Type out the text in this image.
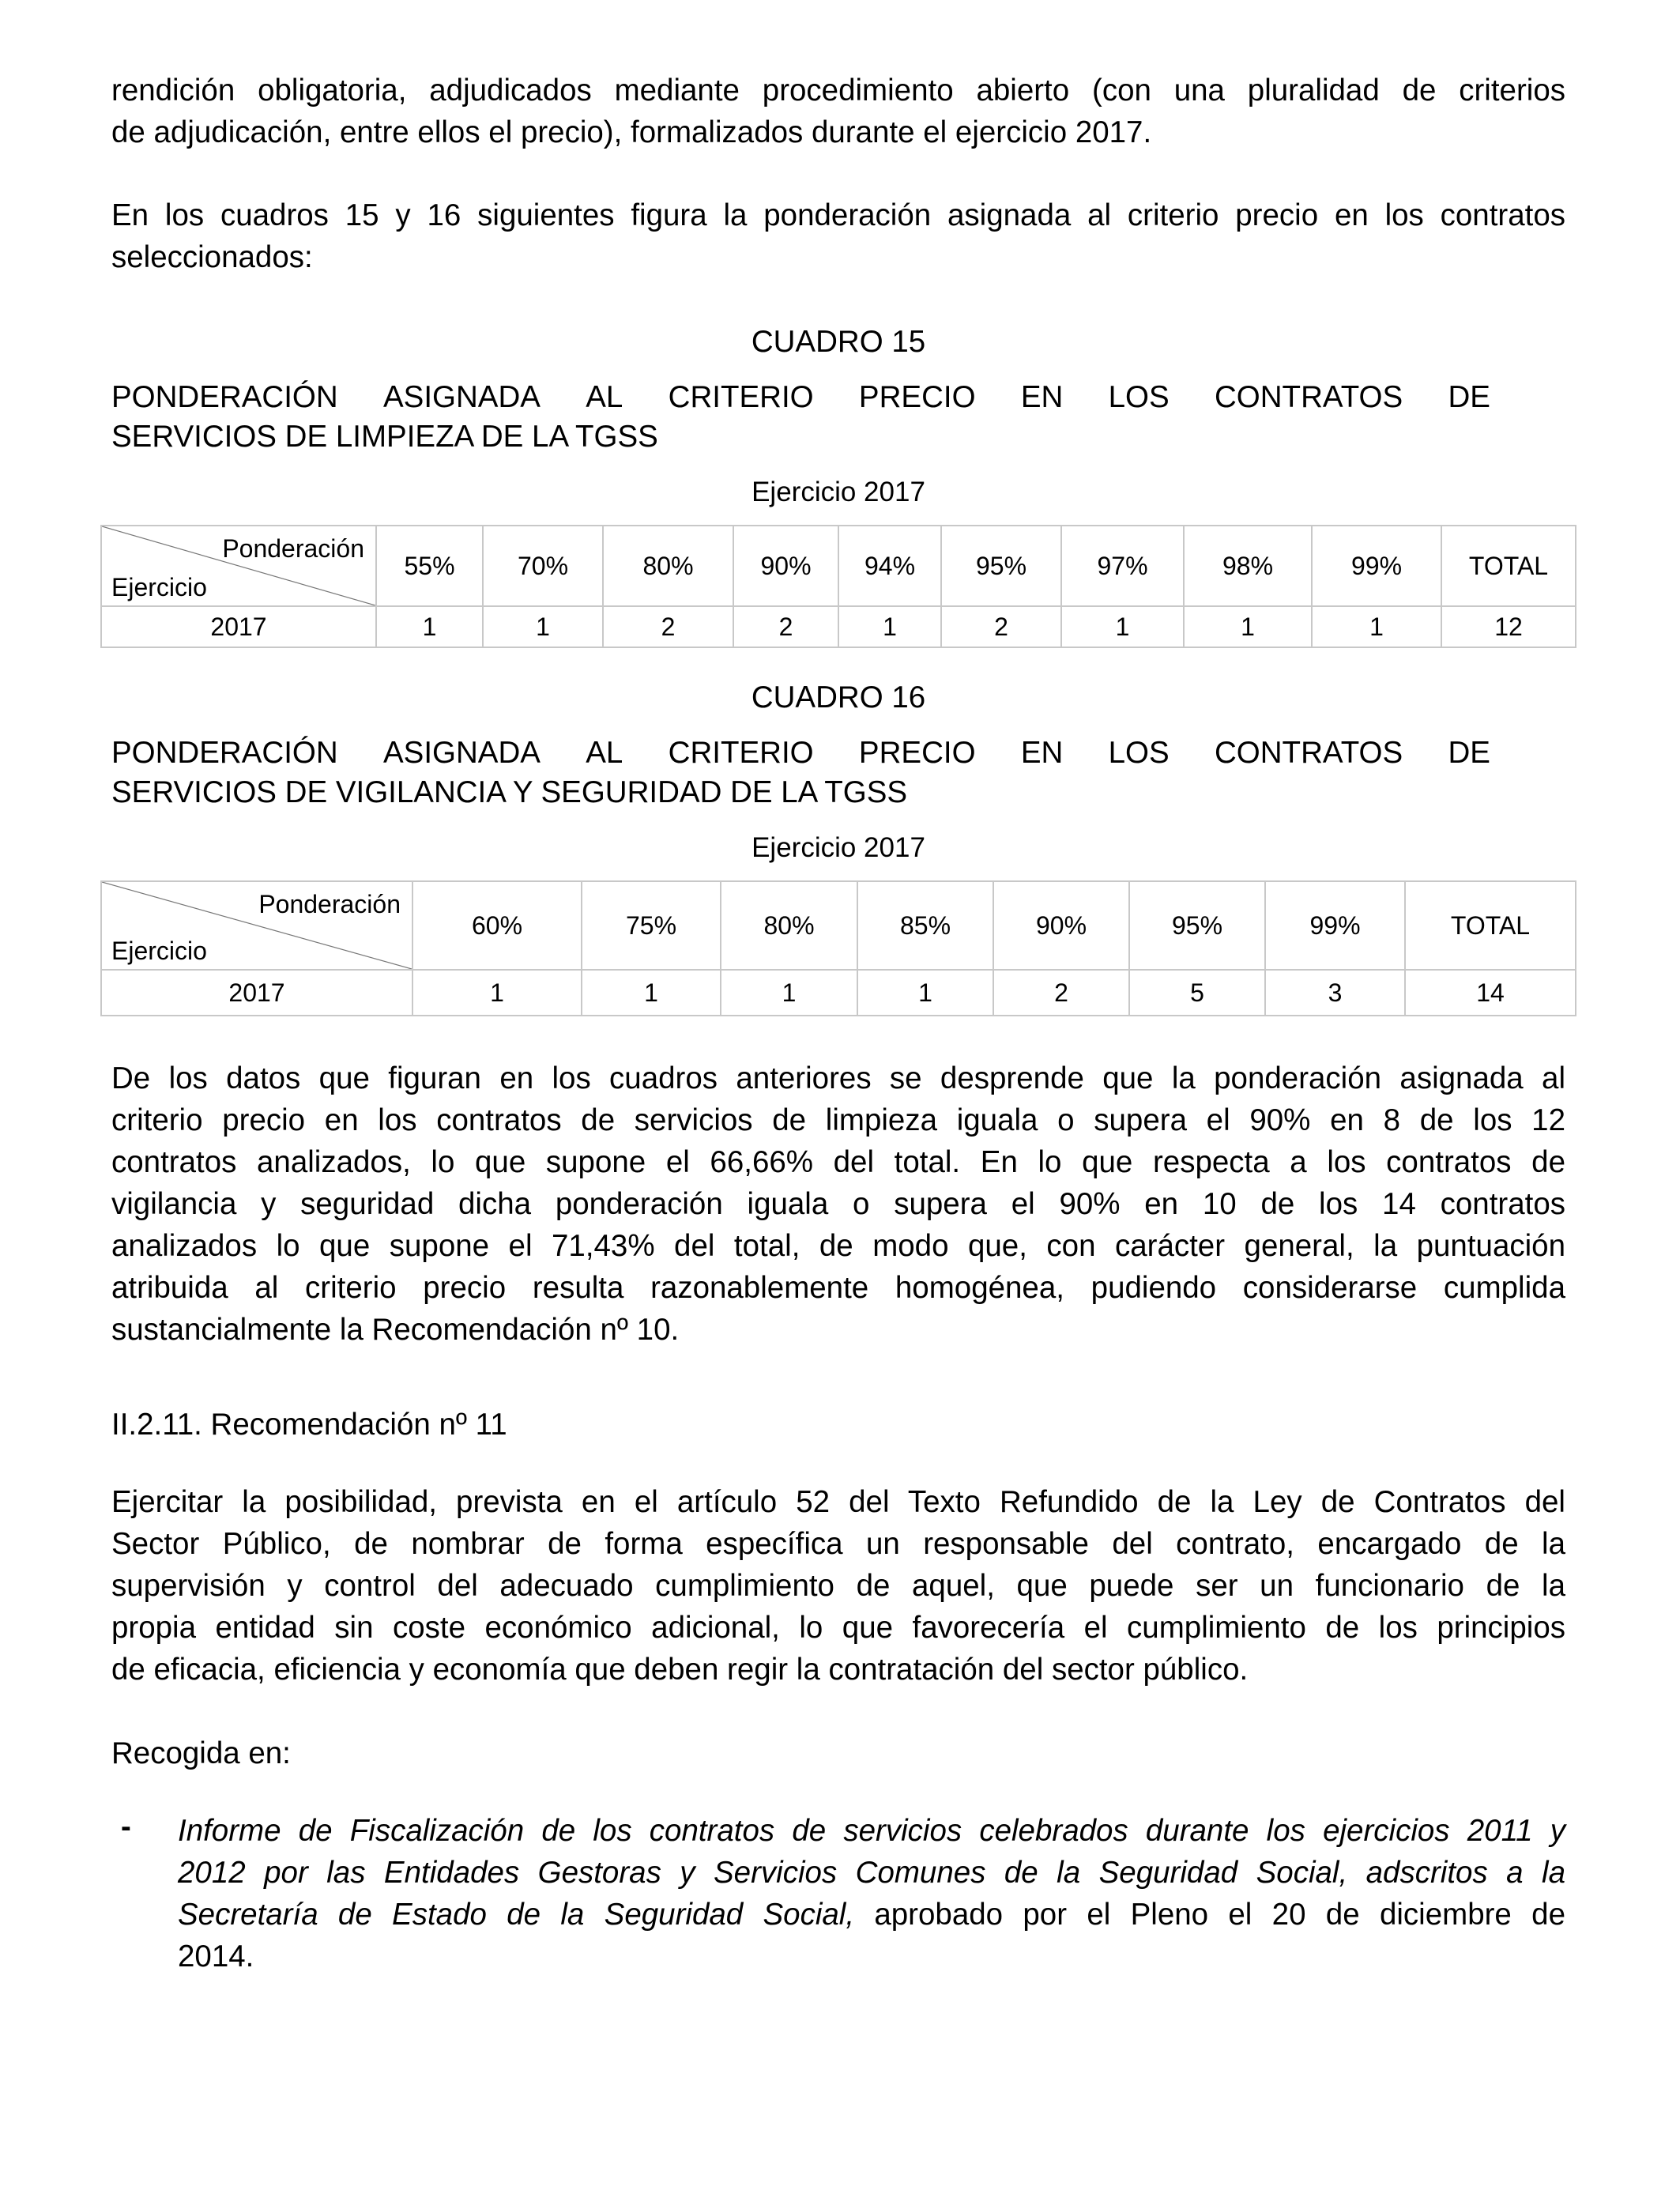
rendición obligatoria, adjudicados mediante procedimiento abierto (con una pluralidad de criterios

de adjudicación, entre ellos el precio), formalizados durante el ejercicio 2017.

En los cuadros 15 y 16 siguientes figura la ponderación asignada al criterio precio en los contratos

seleccionados:

CUADRO 15
PONDERACIÓN ASIGNADA AL CRITERIO PRECIO EN LOS CONTRATOS DE
SERVICIOS DE LIMPIEZA DE LA TGSS
Ejercicio 2017
Ponderación
Ejercicio	55%	70%	80%	90%	94%	95%	97%	98%	99%	TOTAL
2017	1	1	2	2	1	2	1	1	1	12
CUADRO 16
PONDERACIÓN ASIGNADA AL CRITERIO PRECIO EN LOS CONTRATOS DE
SERVICIOS DE VIGILANCIA Y SEGURIDAD DE LA TGSS
Ejercicio 2017
Ponderación
Ejercicio	60%	75%	80%	85%	90%	95%	99%	TOTAL
2017	1	1	1	1	2	5	3	14

De los datos que figuran en los cuadros anteriores se desprende que la ponderación asignada al

criterio precio en los contratos de servicios de limpieza iguala o supera el 90% en 8 de los 12

contratos analizados, lo que supone el 66,66% del total. En lo que respecta a los contratos de

vigilancia y seguridad dicha ponderación iguala o supera el 90% en 10 de los 14 contratos

analizados lo que supone el 71,43% del total, de modo que, con carácter general, la puntuación

atribuida al criterio precio resulta razonablemente homogénea, pudiendo considerarse cumplida

sustancialmente la Recomendación nº 10.

II.2.11. Recomendación nº 11

Ejercitar la posibilidad, prevista en el artículo 52 del Texto Refundido de la Ley de Contratos del

Sector Público, de nombrar de forma específica un responsable del contrato, encargado de la

supervisión y control del adecuado cumplimiento de aquel, que puede ser un funcionario de la

propia entidad sin coste económico adicional, lo que favorecería el cumplimiento de los principios

de eficacia, eficiencia y economía que deben regir la contratación del sector público.

Recogida en:

- Informe de Fiscalización de los contratos de servicios celebrados durante los ejercicios 2011 y

2012 por las Entidades Gestoras y Servicios Comunes de la Seguridad Social, adscritos a la

Secretaría de Estado de la Seguridad Social, aprobado por el Pleno el 20 de diciembre de

2014.
